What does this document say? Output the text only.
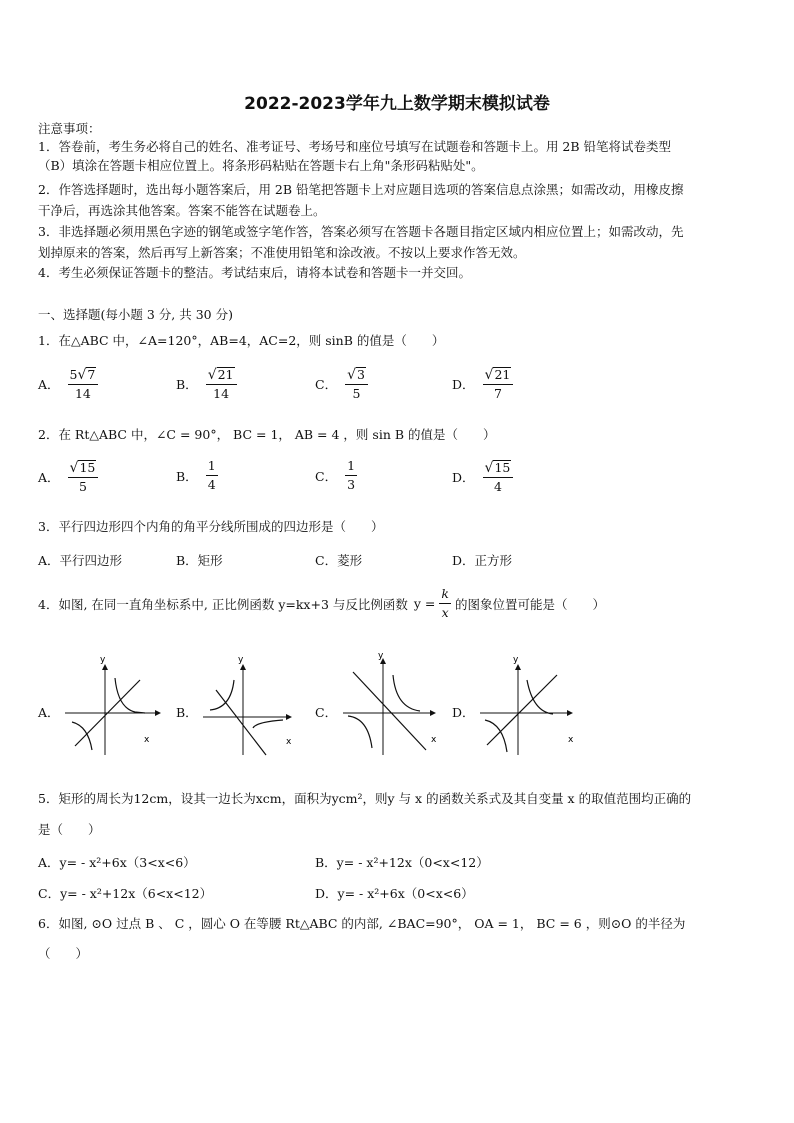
2022-2023学年九上数学期末模拟试卷
注意事项：
1．答卷前，考生务必将自己的姓名、准考证号、考场号和座位号填写在试题卷和答题卡上。用 2B 铅笔将试卷类型
（B）填涂在答题卡相应位置上。将条形码粘贴在答题卡右上角"条形码粘贴处"。
2．作答选择题时，选出每小题答案后，用 2B 铅笔把答题卡上对应题目选项的答案信息点涂黑；如需改动，用橡皮擦
干净后，再选涂其他答案。答案不能答在试题卷上。
3．非选择题必须用黑色字迹的钢笔或签字笔作答，答案必须写在答题卡各题目指定区域内相应位置上；如需改动，先
划掉原来的答案，然后再写上新答案；不准使用铅笔和涂改液。不按以上要求作答无效。
4．考生必须保证答题卡的整洁。考试结束后，请将本试卷和答题卡一并交回。
一、选择题(每小题 3 分, 共 30 分)
1．在△ABC 中，∠A=120°，AB=4，AC=2，则 sinB 的值是（　　）
A． $\frac{5 √ 7}{14}$	B． $\frac{√ 21}{14}$	C． $\frac{√ 3}{5}$	D． $\frac{√ 21}{7}$
2．在 Rt△ABC 中，∠C = 90°， BC = 1， AB = 4 ，则 sin B 的值是（　　）
A． $\frac{√ 15}{5}$	B． $\frac{1}{4}$	C． $\frac{1}{3}$	D． $\frac{√ 15}{4}$
3．平行四边形四个内角的角平分线所围成的四边形是（　　）
A．平行四边形	B．矩形	C．菱形	D．正方形
4．如图, 在同一直角坐标系中, 正比例函数 y=kx+3 与反比例函数 $y = \frac{k}{x}$ 的图象位置可能是（　　）
A．
y
x
B．
y
x
C．
y
x
D．
y
x
5．矩形的周长为12cm，设其一边长为xcm，面积为ycm²，则y 与 x 的函数关系式及其自变量 x 的取值范围均正确的
是（　　）
A．y= - x²+6x（3<x<6）	B．y= - x²+12x（0<x<12）
C．y= - x²+12x（6<x<12）	D．y= - x²+6x（0<x<6）
6．如图, ⊙O 过点 B 、 C ，圆心 O 在等腰 Rt△ABC 的内部, ∠BAC=90°， OA = 1， BC = 6 ，则⊙O 的半径为
（　　）
